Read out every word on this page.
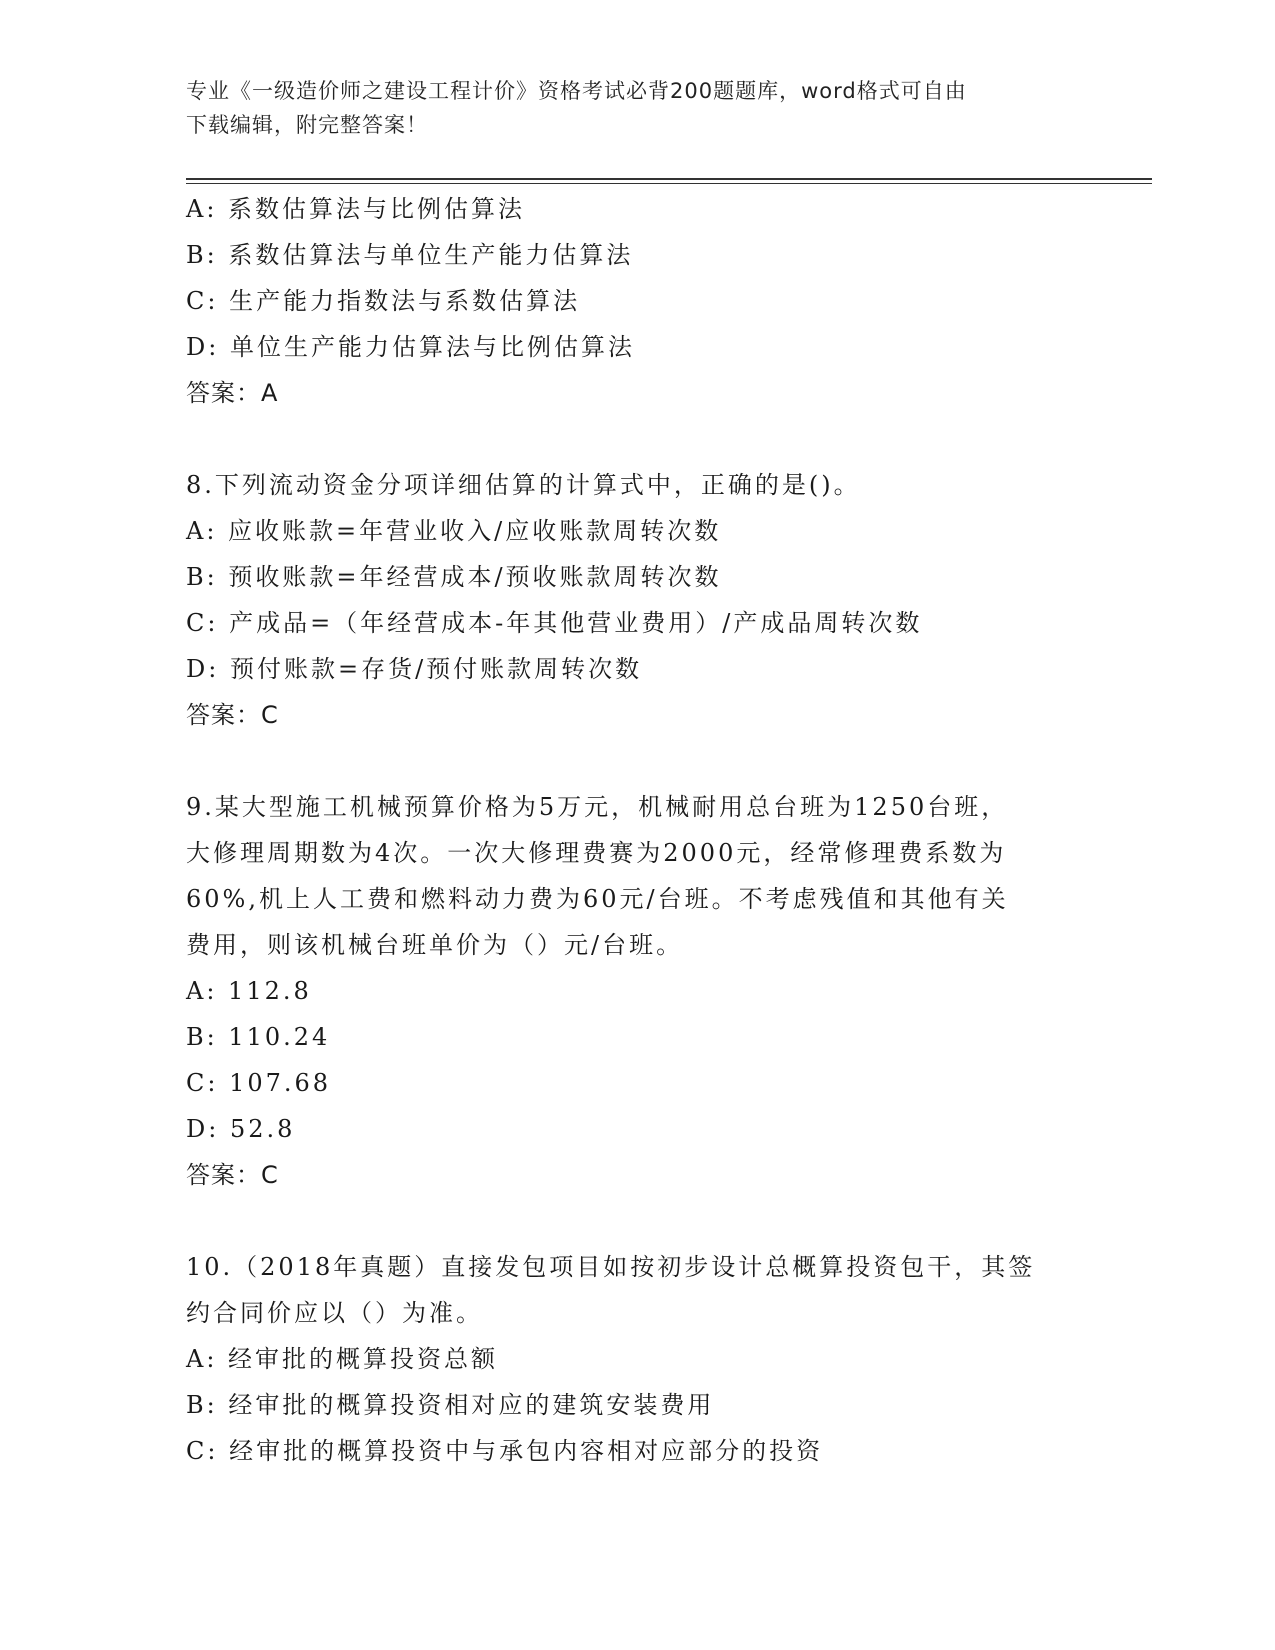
专业《一级造价师之建设工程计价》资格考试必背200题题库，word格式可自由
下载编辑，附完整答案！
A: 系数估算法与比例估算法
B: 系数估算法与单位生产能力估算法
C: 生产能力指数法与系数估算法
D: 单位生产能力估算法与比例估算法
答案：A
8.下列流动资金分项详细估算的计算式中，正确的是()。
A: 应收账款=年营业收入/应收账款周转次数
B: 预收账款=年经营成本/预收账款周转次数
C: 产成品=（年经营成本-年其他营业费用）/产成品周转次数
D: 预付账款=存货/预付账款周转次数
答案：C
9.某大型施工机械预算价格为5万元，机械耐用总台班为1250台班，
大修理周期数为4次。一次大修理费赛为2000元，经常修理费系数为
60%,机上人工费和燃料动力费为60元/台班。不考虑残值和其他有关
费用，则该机械台班单价为（）元/台班。
A: 112.8
B: 110.24
C: 107.68
D: 52.8
答案：C
10.（2018年真题）直接发包项目如按初步设计总概算投资包干，其签
约合同价应以（）为准。
A: 经审批的概算投资总额
B: 经审批的概算投资相对应的建筑安装费用
C: 经审批的概算投资中与承包内容相对应部分的投资
